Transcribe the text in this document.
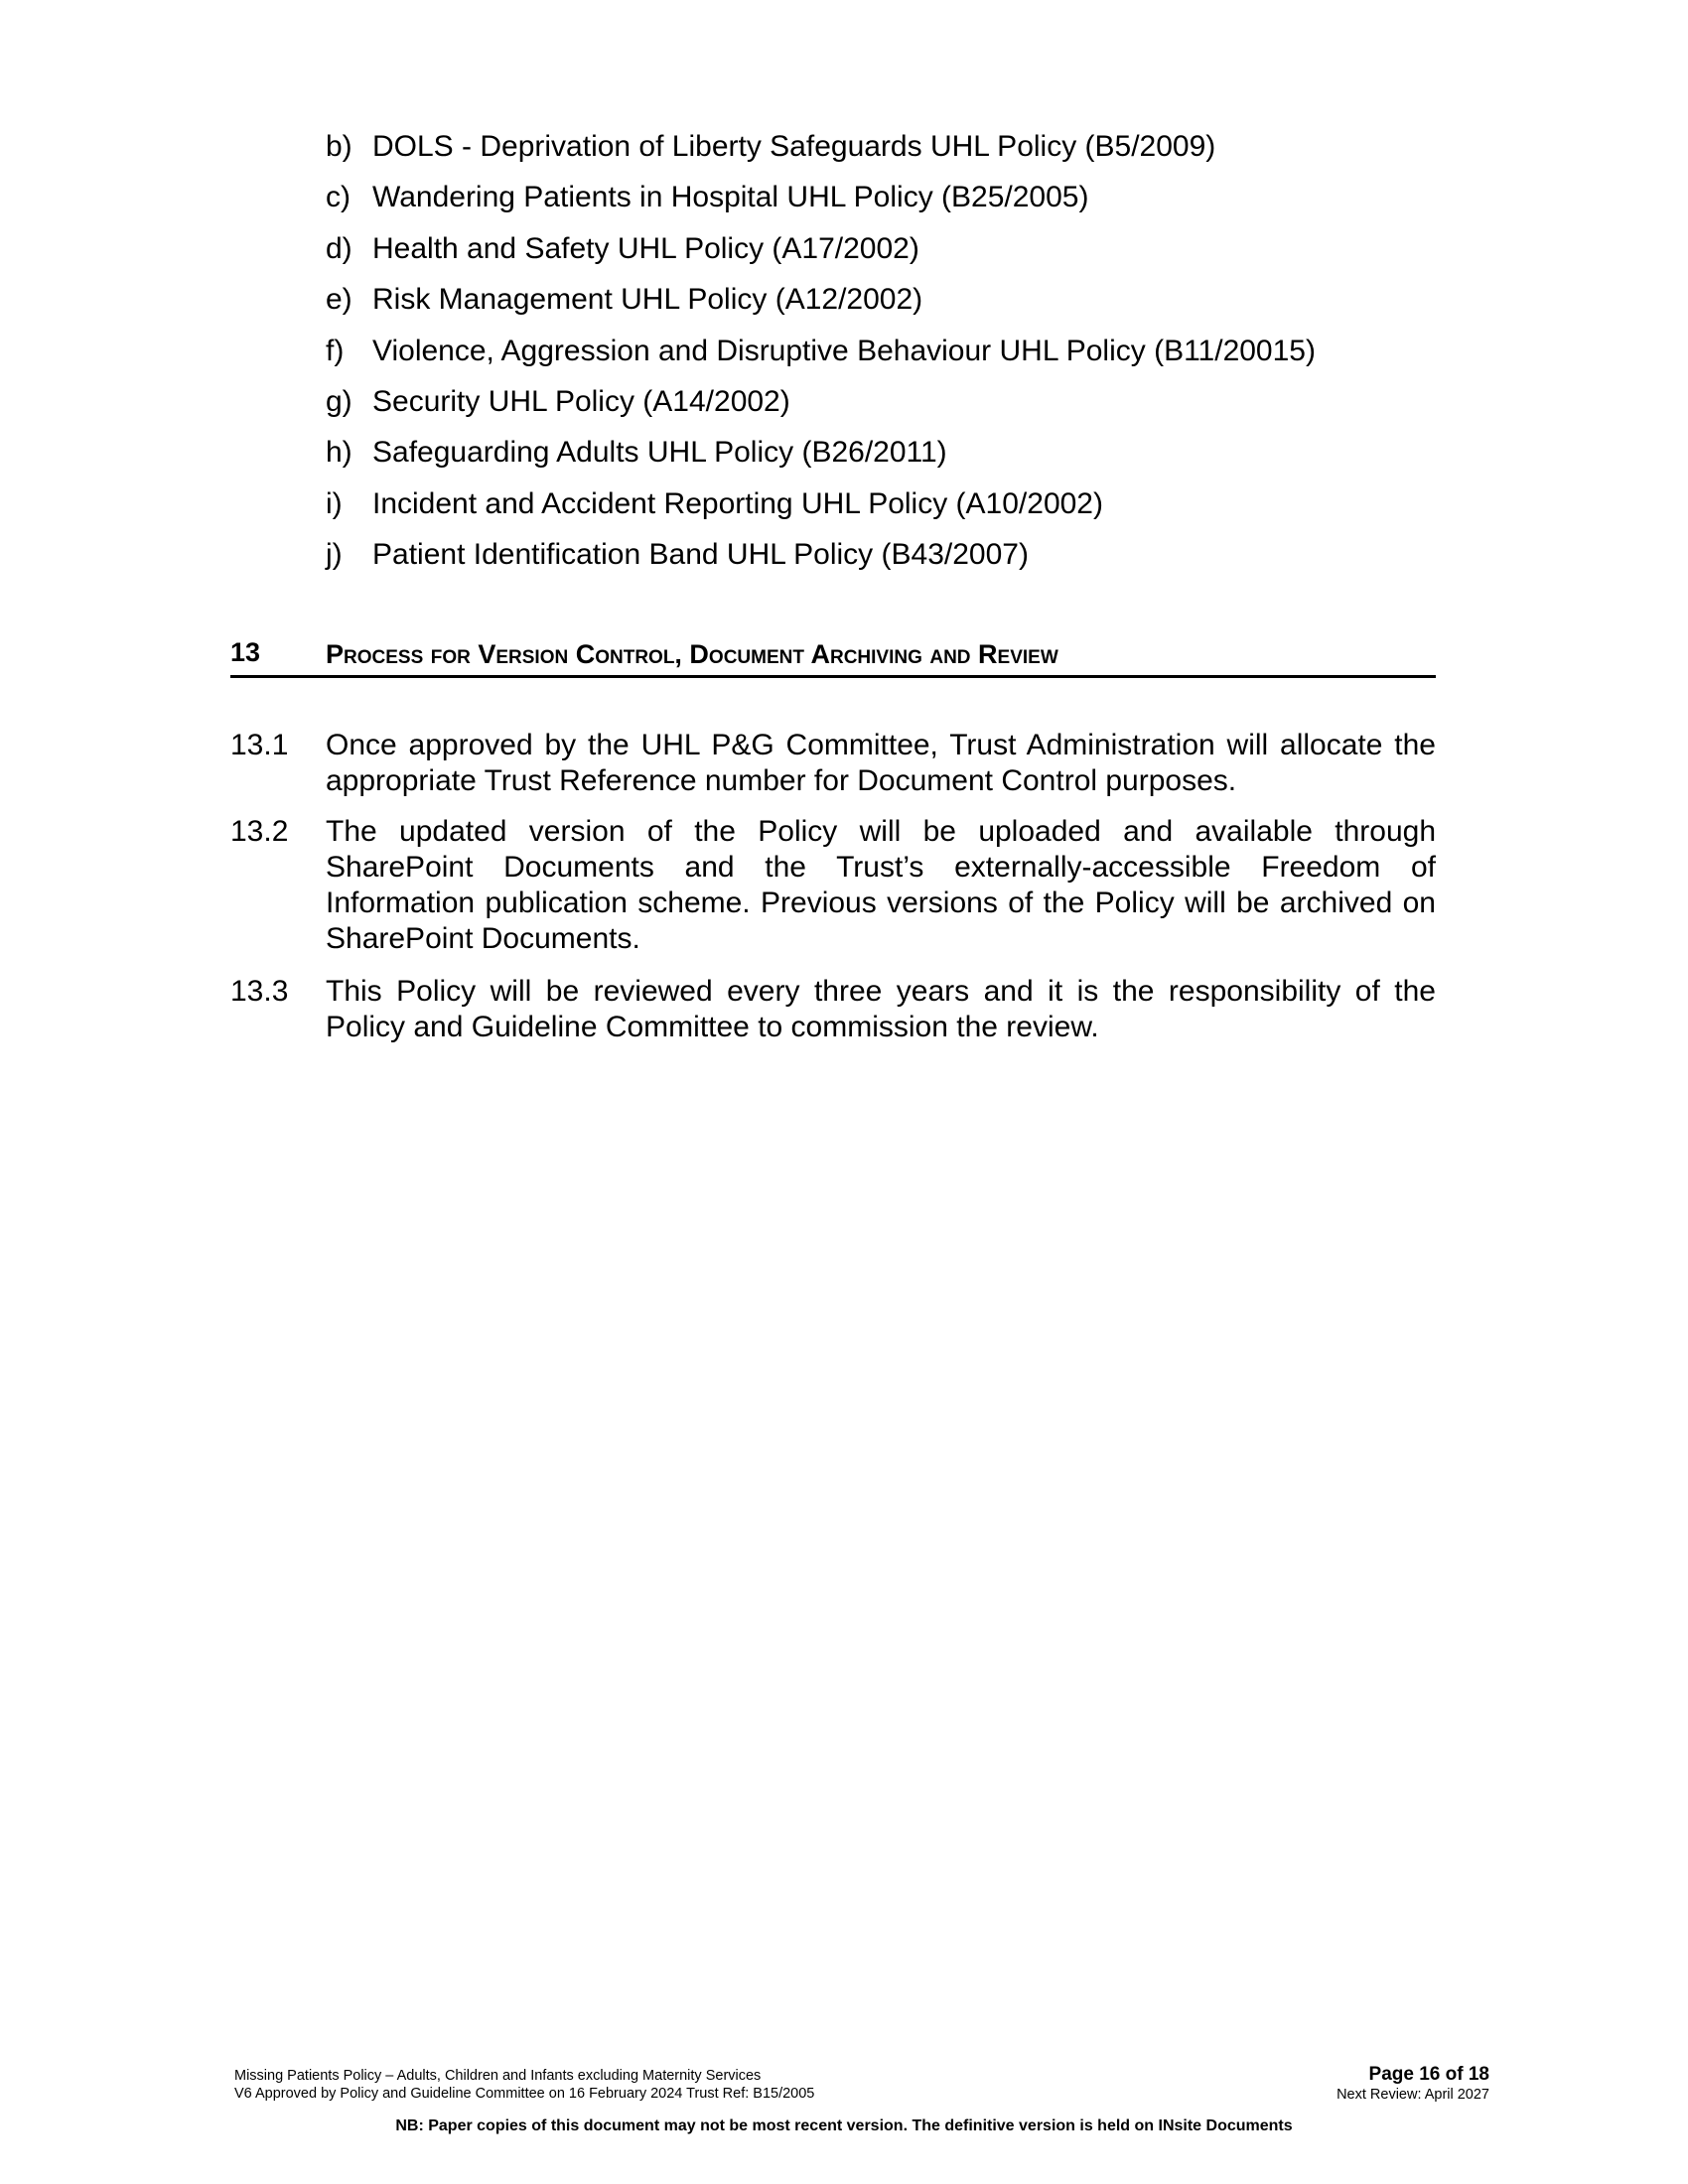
b) DOLS - Deprivation of Liberty Safeguards UHL Policy (B5/2009)
c) Wandering Patients in Hospital UHL Policy (B25/2005)
d) Health and Safety UHL Policy (A17/2002)
e) Risk Management UHL Policy (A12/2002)
f) Violence, Aggression and Disruptive Behaviour UHL Policy (B11/20015)
g) Security UHL Policy (A14/2002)
h) Safeguarding Adults UHL Policy (B26/2011)
i) Incident and Accident Reporting UHL Policy (A10/2002)
j) Patient Identification Band UHL Policy (B43/2007)
13 Process for Version Control, Document Archiving and Review
13.1 Once approved by the UHL P&G Committee, Trust Administration will allocate the appropriate Trust Reference number for Document Control purposes.
13.2 The updated version of the Policy will be uploaded and available through SharePoint Documents and the Trust’s externally-accessible Freedom of Information publication scheme. Previous versions of the Policy will be archived on SharePoint Documents.
13.3 This Policy will be reviewed every three years and it is the responsibility of the Policy and Guideline Committee to commission the review.
Missing Patients Policy – Adults, Children and Infants excluding Maternity Services
V6 Approved by Policy and Guideline Committee on 16 February 2024 Trust Ref: B15/2005
Page 16 of 18
Next Review: April 2027
NB: Paper copies of this document may not be most recent version. The definitive version is held on INsite Documents
